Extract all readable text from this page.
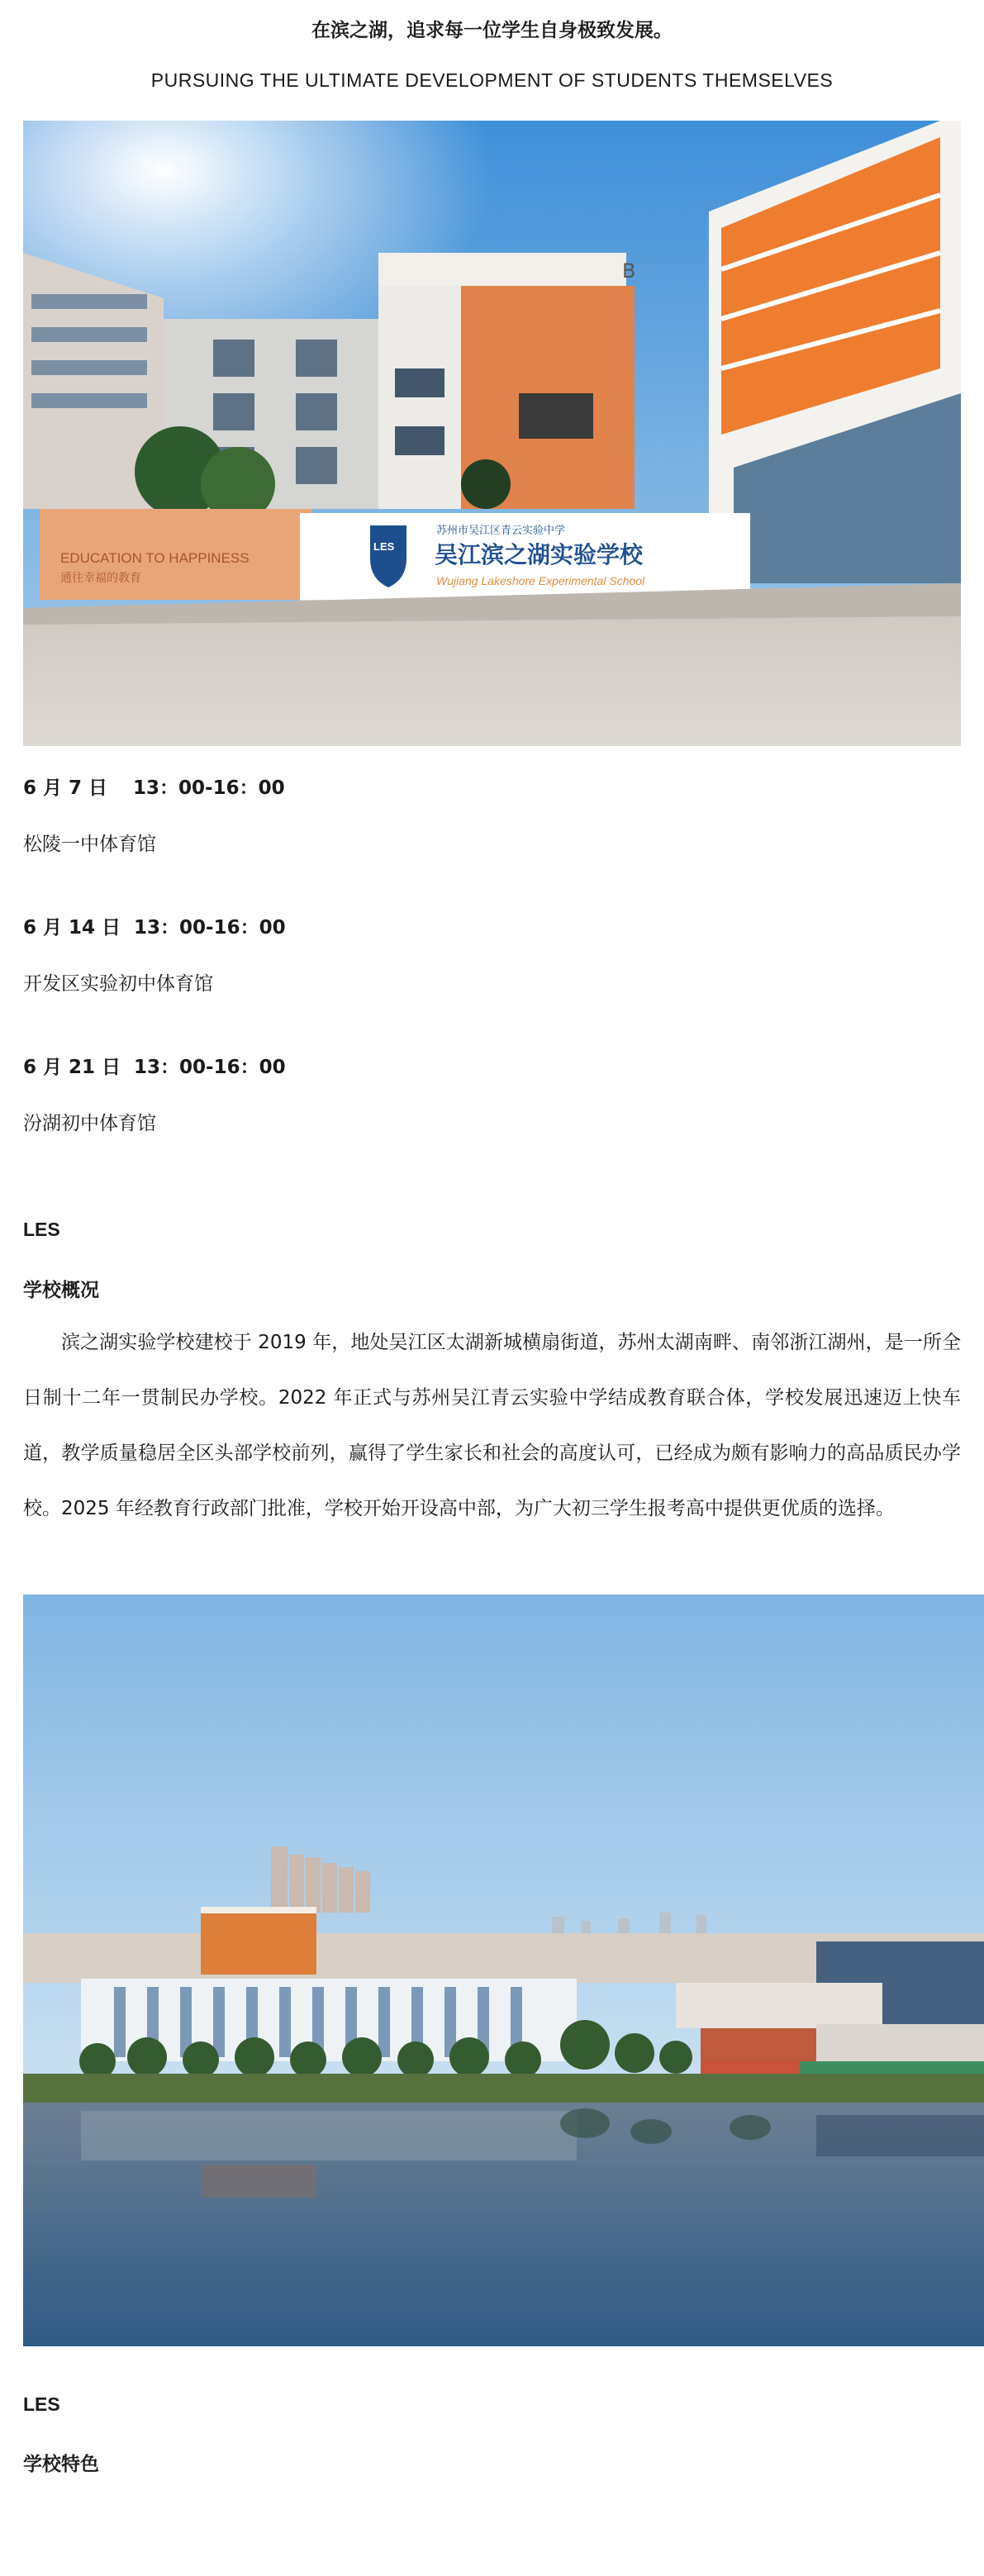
在滨之湖，追求每一位学生自身极致发展。
PURSUING THE ULTIMATE DEVELOPMENT OF STUDENTS THEMSELVES
B
EDUCATION TO HAPPINESS
通往幸福的教育
LES
苏州市吴江区青云实验中学
吴江滨之湖实验学校
Wujiang Lakeshore Experimental School
6 月 7 日　 13：00-16：00
松陵一中体育馆
6 月 14 日  13：00-16：00
开发区实验初中体育馆
6 月 21 日  13：00-16：00
汾湖初中体育馆
LES
学校概况
滨之湖实验学校建校于 2019 年，地处吴江区太湖新城横扇街道，苏州太湖南畔、南邻浙江湖州，是一所全日制十二年一贯制民办学校。2022 年正式与苏州吴江青云实验中学结成教育联合体，学校发展迅速迈上快车道，教学质量稳居全区头部学校前列，赢得了学生家长和社会的高度认可，已经成为颇有影响力的高品质民办学校。2025 年经教育行政部门批准，学校开始开设高中部，为广大初三学生报考高中提供更优质的选择。
LES
学校特色
